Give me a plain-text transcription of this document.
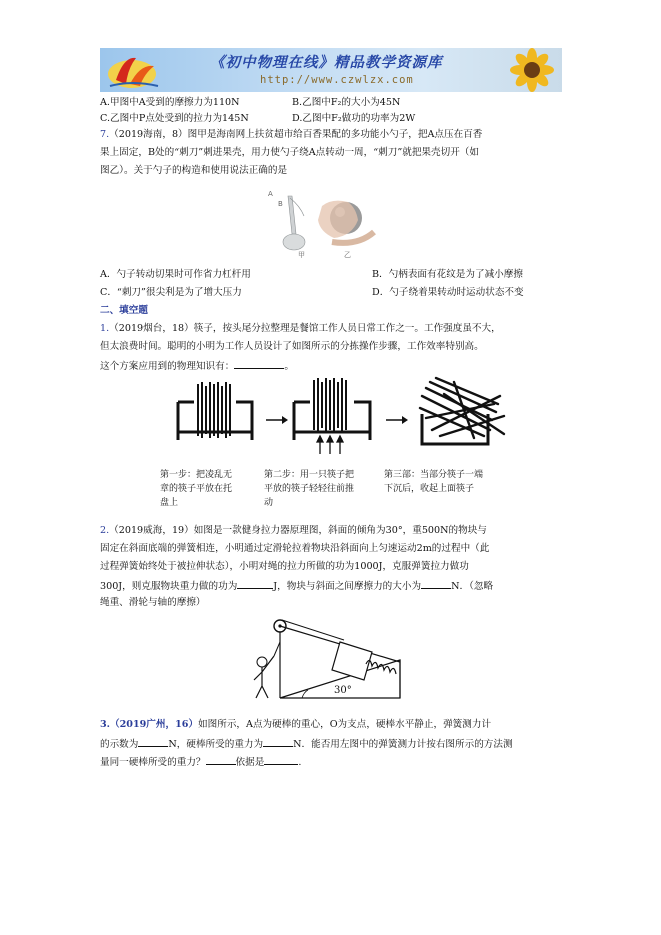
《初中物理在线》精品教学资源库
http://www.czwlzx.com
A.甲图中A受到的摩擦力为110N	B.乙图中F₂的大小为45N
C.乙图中P点处受到的拉力为145N	D.乙图中F₂做功的功率为2W
7.（2019海南，8）图甲是海南网上扶贫超市给百香果配的多功能小勺子，把A点压在百香
果上固定，B处的“刺刀”刺进果壳，用力使勺子绕A点转动一周，“刺刀”就把果壳切开（如
图乙）。关于勺子的构造和使用说法正确的是
A
B
甲	乙
A．勺子转动切果时可作省力杠杆用	B．勺柄表面有花纹是为了减小摩擦
C．“刺刀”很尖利是为了增大压力	D．勺子绕着果转动时运动状态不变
二、填空题
1.（2019烟台，18）筷子，按头尾分拉整理是餐馆工作人员日常工作之一。工作强度虽不大，
但太浪费时间。聪明的小明为工作人员设计了如图所示的分拣操作步骤，工作效率特别高。
这个方案应用到的物理知识有：	。
第一步：把凌乱无
章的筷子平放在托
盘上
第二步：用一只筷子把
平放的筷子轻轻往前推
动
第三部：当部分筷子一端
下沉后，收起上面筷子
2.（2019威海，19）如图是一款健身拉力器原理图，斜面的倾角为30°，重500N的物块与
固定在斜面底端的弹簧相连，小明通过定滑轮拉着物块沿斜面向上匀速运动2m的过程中（此
过程弹簧始终处于被拉伸状态），小明对绳的拉力所做的功为1000J，克服弹簧拉力做功
300J，则克服物块重力做的功为	J，物块与斜面之间摩擦力的大小为	N．（忽略
绳重、滑轮与轴的摩擦）
30°
3.（2019广州，16）如图所示，A点为硬棒的重心，O为支点，硬棒水平静止，弹簧测力计
的示数为	N，硬棒所受的重力为	N．能否用左图中的弹簧测力计按右图所示的方法测
量同一硬棒所受的重力？	依据是	.
